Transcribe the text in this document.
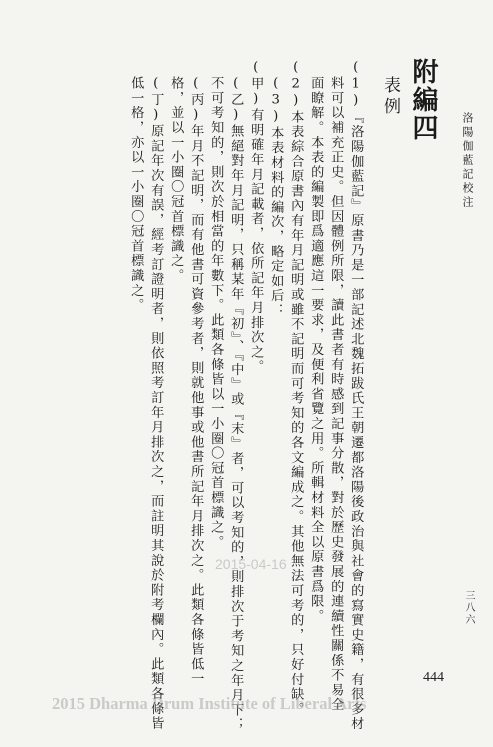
洛陽伽藍記校注
三八六
附編四
表例
(1)『洛陽伽藍記』原書乃是一部記述北魏拓跋氏王朝遷都洛陽後政治與社會的寫實史籍，有很多材
料可以補充正史。但因體例所限，讀此書者有時感到記事分散，對於歷史發展的連續性關係不易全
面瞭解。本表的編製即爲適應這一要求，及便利省覽之用。所輯材料全以原書爲限。
(2)本表綜合原書內有年月記明或雖不記明而可考知的各文編成之。其他無法可考的，只好付缺。
(3)本表材料的編次，略定如后：
(甲)有明確年月記載者，依所記年月排次之。
(乙)無絕對年月記明，只稱某年『初』、『中』或『末』者，可以考知的，則排次于考知之年月下；
不可考知的，則次於相當的年數下。此類各條皆以一小圈〇冠首標識之。
(丙)年月不記明，而有他書可資參考者，則就他事或他書所記年月排次之。此類各條皆低一
格，並以一小圈〇冠首標識之。
(丁)原記年次有誤，經考訂證明者，則依照考訂年月排次之，而註明其說於附考欄內。此類各條皆
低一格，亦以一小圈〇冠首標識之。
2015-04-16
444
2015 Dharma Drum Institute of Liberal Arts
